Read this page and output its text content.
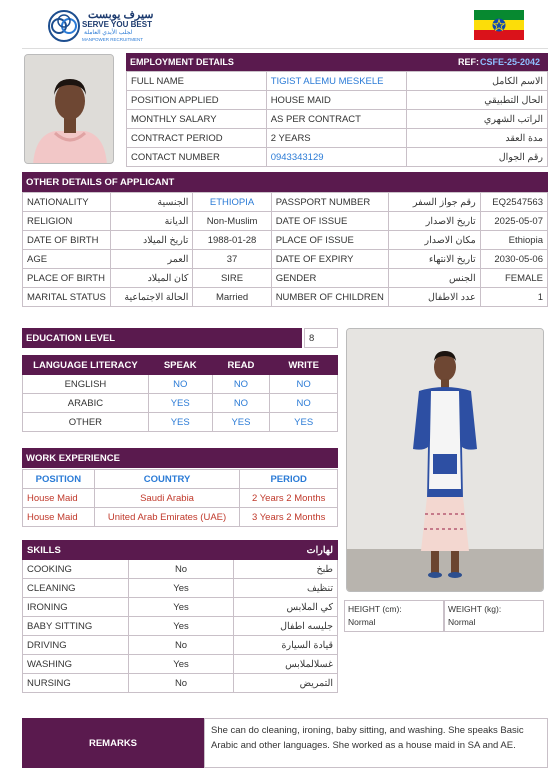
سيرف يوبست
SERVE YOU BEST
لجلب الأيدي العاملة
MANPOWER RECRUITMENT
EMPLOYMENT DETAILS	REF: CSFE-25-2042
FULL NAME	TIGIST ALEMU MESKELE	الاسم الكامل
POSITION APPLIED	HOUSE MAID	الحال التطبيقي
MONTHLY SALARY	AS PER CONTRACT	الراتب الشهري
CONTRACT PERIOD	2 YEARS	مدة العقد
CONTACT NUMBER	0943343129	رقم الجوال
OTHER DETAILS OF APPLICANT
NATIONALITY	الجنسية	ETHIOPIA	PASSPORT NUMBER	رقم جواز السفر	EQ2547563
RELIGION	الديانة	Non-Muslim	DATE OF ISSUE	تاريخ الاصدار	2025-05-07
DATE OF BIRTH	تاريخ الميلاد	1988-01-28	PLACE OF ISSUE	مكان الاصدار	Ethiopia
AGE	العمر	37	DATE OF EXPIRY	تاريخ الانتهاء	2030-05-06
PLACE OF BIRTH	كان الميلاد	SIRE	GENDER	الجنس	FEMALE
MARITAL STATUS	الحالة الاجتماعية	Married	NUMBER OF CHILDREN	عدد الاطفال	1
EDUCATION LEVEL	8
LANGUAGE LITERACY	SPEAK	READ	WRITE
ENGLISH	NO	NO	NO
ARABIC	YES	NO	NO
OTHER	YES	YES	YES
WORK EXPERIENCE
POSITION	COUNTRY	PERIOD
House Maid	Saudi Arabia	2 Years 2 Months
House Maid	United Arab Emirates (UAE)	3 Years 2 Months
SKILLS		لهارات
COOKING	No	طبخ
CLEANING	Yes	تنظيف
IRONING	Yes	كي الملابس
BABY SITTING	Yes	جليسه اطفال
DRIVING	No	قيادة السيارة
WASHING	Yes	غسلالملابس
NURSING	No	التمريض
HEIGHT (cm):
Normal
WEIGHT (kg):
Normal
REMARKS
She can do cleaning, ironing, baby sitting, and washing. She speaks Basic Arabic and other languages. She worked as a house maid in SA and AE.
